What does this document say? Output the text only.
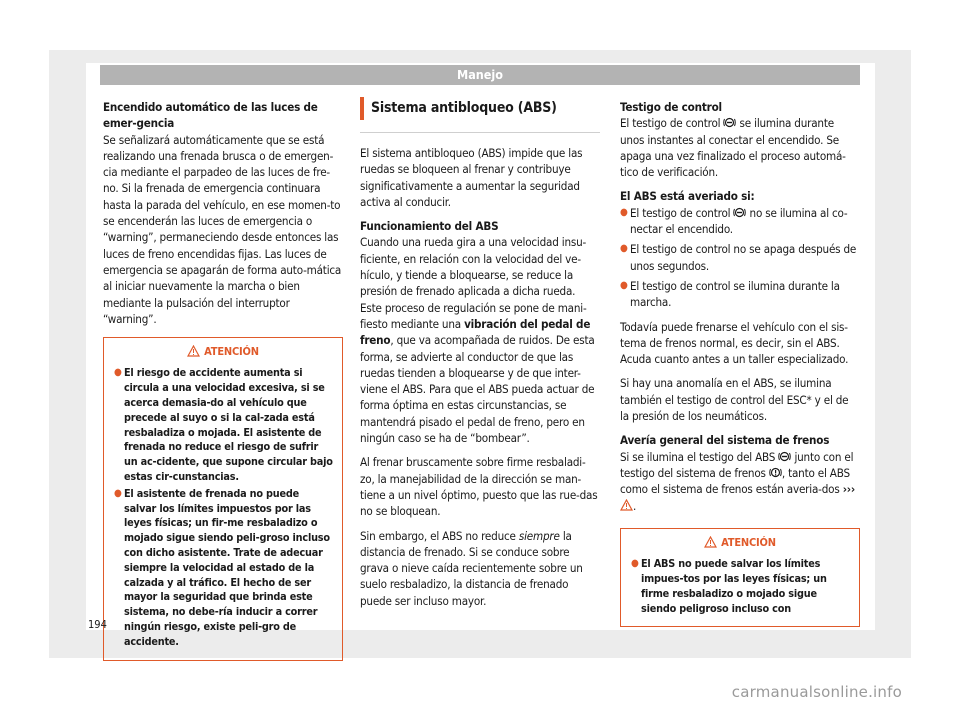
Manejo

Encendido automático de las luces de emer-gencia

Se señalizará automáticamente que se está realizando una frenada brusca o de emergen-cia mediante el parpadeo de las luces de fre-no. Si la frenada de emergencia continuara hasta la parada del vehículo, en ese momen-to se encenderán las luces de emergencia o “warning”, permaneciendo desde entonces las luces de freno encendidas fijas. Las luces de emergencia se apagarán de forma auto-mática al iniciar nuevamente la marcha o bien mediante la pulsación del interruptor “warning”.

ATENCIÓN
● El riesgo de accidente aumenta si circula a una velocidad excesiva, si se acerca demasia-do al vehículo que precede al suyo o si la cal-zada está resbaladiza o mojada. El asistente de frenada no reduce el riesgo de sufrir un ac-cidente, que supone circular bajo estas cir-cunstancias.
● El asistente de frenada no puede salvar los límites impuestos por las leyes físicas; un fir-me resbaladizo o mojado sigue siendo peli-groso incluso con dicho asistente. Trate de adecuar siempre la velocidad al estado de la calzada y al tráfico. El hecho de ser mayor la seguridad que brinda este sistema, no debe-ría inducir a correr ningún riesgo, existe peli-gro de accidente.
Sistema antibloqueo (ABS)

El sistema antibloqueo (ABS) impide que las ruedas se bloqueen al frenar y contribuye significativamente a aumentar la seguridad activa al conducir.

Funcionamiento del ABS

Cuando una rueda gira a una velocidad insu-ficiente, en relación con la velocidad del ve-hículo, y tiende a bloquearse, se reduce la presión de frenado aplicada a dicha rueda. Este proceso de regulación se pone de mani-fiesto mediante una vibración del pedal de freno, que va acompañada de ruidos. De esta forma, se advierte al conductor de que las ruedas tienden a bloquearse y de que inter-viene el ABS. Para que el ABS pueda actuar de forma óptima en estas circunstancias, se mantendrá pisado el pedal de freno, pero en ningún caso se ha de “bombear”.

Al frenar bruscamente sobre firme resbaladi-zo, la manejabilidad de la dirección se man-tiene a un nivel óptimo, puesto que las rue-das no se bloquean.

Sin embargo, el ABS no reduce siempre la distancia de frenado. Si se conduce sobre grava o nieve caída recientemente sobre un suelo resbaladizo, la distancia de frenado puede ser incluso mayor.

Testigo de control

El testigo de control  se ilumina durante unos instantes al conectar el encendido. Se apaga una vez finalizado el proceso automá-tico de verificación.

El ABS está averiado si:

● El testigo de control  no se ilumina al co-nectar el encendido.
● El testigo de control no se apaga después de unos segundos.
● El testigo de control se ilumina durante la marcha.

Todavía puede frenarse el vehículo con el sis-tema de frenos normal, es decir, sin el ABS. Acuda cuanto antes a un taller especializado.

Si hay una anomalía en el ABS, se ilumina también el testigo de control del ESC* y el de la presión de los neumáticos.

Avería general del sistema de frenos

Si se ilumina el testigo del ABS  junto con el testigo del sistema de frenos , tanto el ABS como el sistema de frenos están averia-dos ››› .

ATENCIÓN
● El ABS no puede salvar los límites impues-tos por las leyes físicas; un firme resbaladizo o mojado sigue siendo peligroso incluso con
194
carmanualsonline.info
